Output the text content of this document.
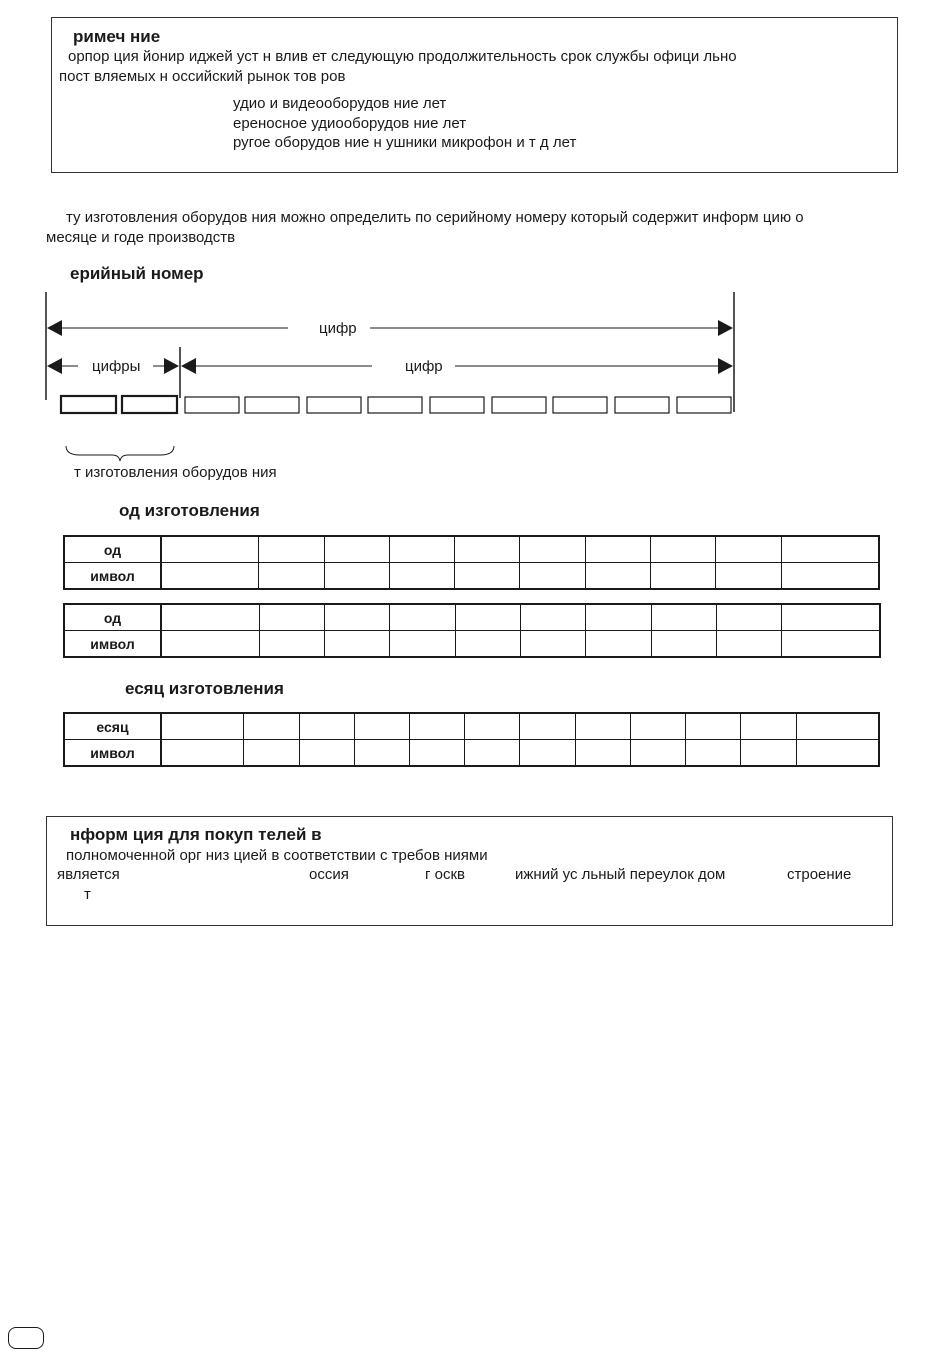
римеч ние
орпор ция йонир иджей уст н влив ет следующую продолжительность срок службы офици льно
пост вляемых н оссийский рынок тов ров
удио и видеооборудов ние лет
ереносное удиооборудов ние лет
ругое оборудов ние н ушники микрофон и т д лет
ту изготовления оборудов ния можно определить по серийному номеру который содержит информ цию о
месяце и годе производств
ерийный номер
цифр
цифры	цифр
т изготовления оборудов ния
од изготовления
од										
имвол										
од										
имвол										
есяц изготовления
есяц												
имвол												
нформ ция для покуп телей в
полномоченной орг низ цией в соответствии с требов ниями
является	оссия	г оскв	ижний ус льный переулок дом	строение
т
